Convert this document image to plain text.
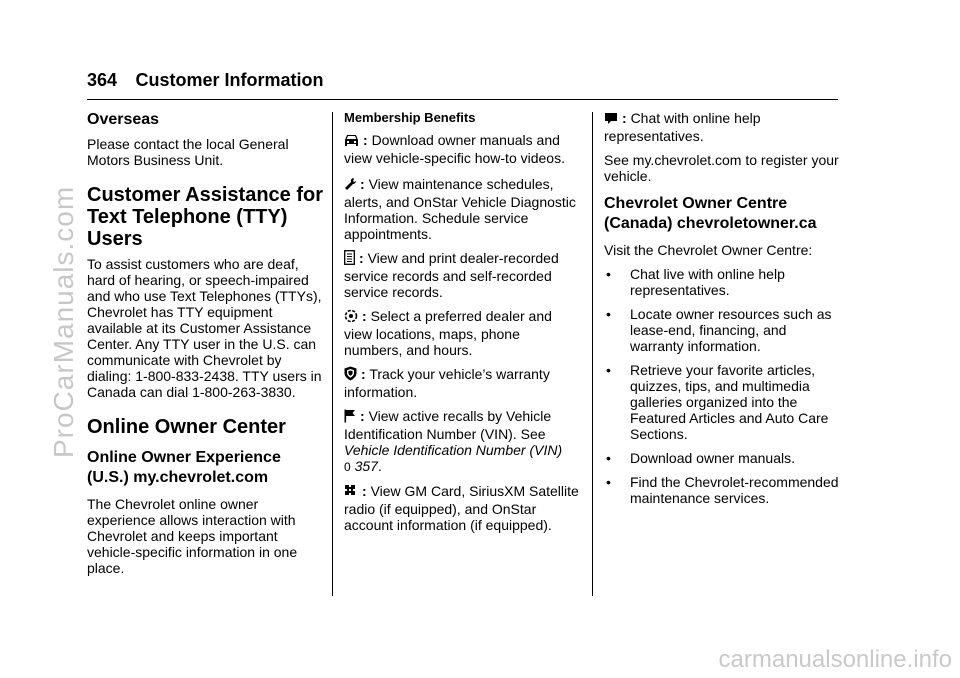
364 Customer Information
Overseas

Please contact the local General Motors Business Unit.

Customer Assistance for Text Telephone (TTY) Users

To assist customers who are deaf, hard of hearing, or speech-impaired and who use Text Telephones (TTYs), Chevrolet has TTY equipment available at its Customer Assistance Center. Any TTY user in the U.S. can communicate with Chevrolet by dialing: 1-800-833-2438. TTY users in Canada can dial 1-800-263-3830.

Online Owner Center
Online Owner Experience (U.S.) my.chevrolet.com

The Chevrolet online owner experience allows interaction with Chevrolet and keeps important vehicle-specific information in one place.

Membership Benefits

: Download owner manuals and view vehicle-specific how-to videos.

: View maintenance schedules, alerts, and OnStar Vehicle Diagnostic Information. Schedule service appointments.

: View and print dealer-recorded service records and self-recorded service records.

: Select a preferred dealer and view locations, maps, phone numbers, and hours.

: Track your vehicle’s warranty information.

: View active recalls by Vehicle Identification Number (VIN). See Vehicle Identification Number (VIN)
0 357.

: View GM Card, SiriusXM Satellite radio (if equipped), and OnStar account information (if equipped).

: Chat with online help representatives.

See my.chevrolet.com to register your vehicle.

Chevrolet Owner Centre (Canada) chevroletowner.ca

Visit the Chevrolet Owner Centre:

•	Chat live with online help representatives.
•	Locate owner resources such as lease-end, financing, and warranty information.
•	Retrieve your favorite articles, quizzes, tips, and multimedia galleries organized into the Featured Articles and Auto Care Sections.
•	Download owner manuals.
•	Find the Chevrolet-recommended maintenance services.
ProCarManuals.com
carmanualsonline.info
